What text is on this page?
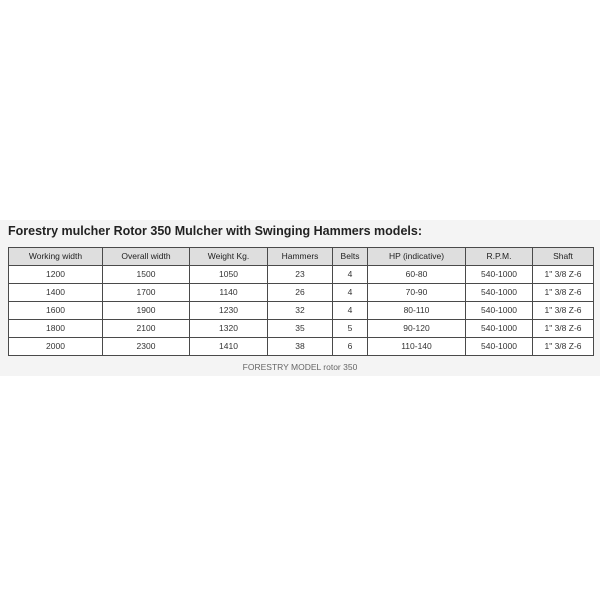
Forestry mulcher Rotor 350 Mulcher with Swinging Hammers models:
Working width	Overall width	Weight Kg.	Hammers	Belts	HP (indicative)	R.P.M.	Shaft
1200	1500	1050	23	4	60-80	540-1000	1" 3/8 Z-6
1400	1700	1140	26	4	70-90	540-1000	1" 3/8 Z-6
1600	1900	1230	32	4	80-110	540-1000	1" 3/8 Z-6
1800	2100	1320	35	5	90-120	540-1000	1" 3/8 Z-6
2000	2300	1410	38	6	110-140	540-1000	1" 3/8 Z-6
FORESTRY MODEL rotor 350
